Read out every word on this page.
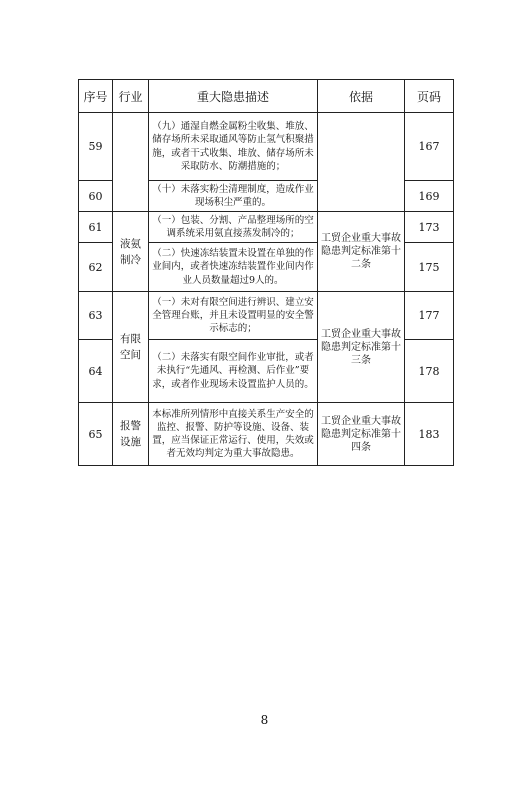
序号	行业	重大隐患描述	依据	页码
59		（九）通湿自燃金属粉尘收集、堆放、储存场所未采取通风等防止氢气积聚措施，或者干式收集、堆放、储存场所未采取防水、防潮措施的；		167
60		（十）未落实粉尘清理制度，造成作业现场积尘严重的。		169
61	液氨制冷	（一）包装、分割、产品整理场所的空调系统采用氨直接蒸发制冷的；	工贸企业重大事故隐患判定标准第十二条	173
62		（二）快速冻结装置未设置在单独的作业间内，或者快速冻结装置作业间内作业人员数量超过9人的。		175
63	有限空间	（一）未对有限空间进行辨识、建立安全管理台账，并且未设置明显的安全警示标志的；	工贸企业重大事故隐患判定标准第十三条	177
64		（二）未落实有限空间作业审批，或者未执行“先通风、再检测、后作业”要求，或者作业现场未设置监护人员的。		178
65	报警设施	本标准所列情形中直接关系生产安全的监控、报警、防护等设施、设备、装置，应当保证正常运行、使用，失效或者无效均判定为重大事故隐患。	工贸企业重大事故隐患判定标准第十四条	183
8
